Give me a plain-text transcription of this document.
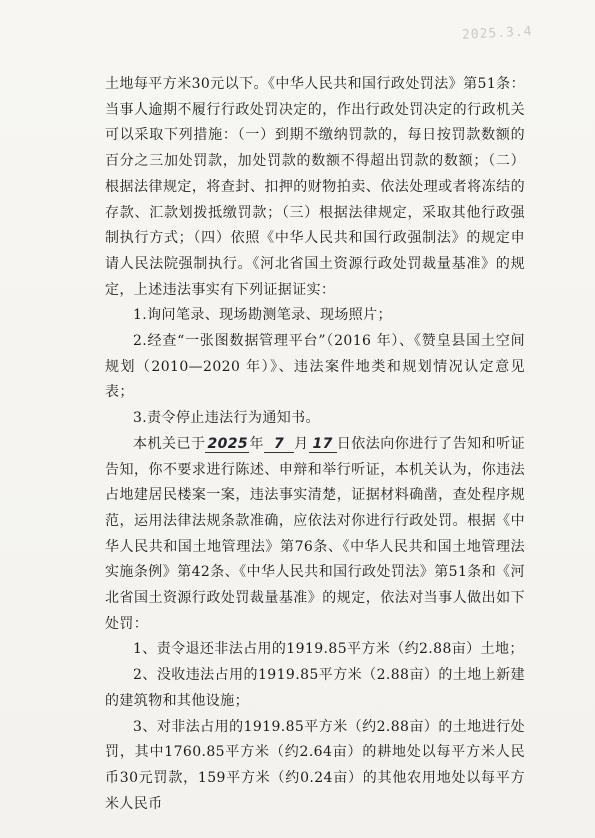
2025.3.4

土地每平方米30元以下。《中华人民共和国行政处罚法》第51条：当事人逾期不履行行政处罚决定的，作出行政处罚决定的行政机关可以采取下列措施：（一）到期不缴纳罚款的，每日按罚款数额的百分之三加处罚款，加处罚款的数额不得超出罚款的数额；（二）根据法律规定，将查封、扣押的财物拍卖、依法处理或者将冻结的存款、汇款划拨抵缴罚款；（三）根据法律规定，采取其他行政强制执行方式；（四）依照《中华人民共和国行政强制法》的规定申请人民法院强制执行。《河北省国土资源行政处罚裁量基准》的规定，上述违法事实有下列证据证实：

1.询问笔录、现场勘测笔录、现场照片；

2.经查“一张图数据管理平台”（2016 年）、《赞皇县国土空间规划（2010—2020 年）》、违法案件地类和规划情况认定意见表；

3.责令停止违法行为通知书。

本机关已于 2025年 7 月 17 日依法向你进行了告知和听证告知，你不要求进行陈述、申辩和举行听证，本机关认为，你违法占地建居民楼案一案，违法事实清楚，证据材料确凿，查处程序规范，运用法律法规条款准确，应依法对你进行行政处罚。根据《中华人民共和国土地管理法》第76条、《中华人民共和国土地管理法实施条例》第42条、《中华人民共和国行政处罚法》第51条和《河北省国土资源行政处罚裁量基准》的规定，依法对当事人做出如下处罚：

1、责令退还非法占用的1919.85平方米（约2.88亩）土地；

2、没收违法占用的1919.85平方米（2.88亩）的土地上新建的建筑物和其他设施；

3、对非法占用的1919.85平方米（约2.88亩）的土地进行处罚，其中1760.85平方米（约2.64亩）的耕地处以每平方米人民币30元罚款，159平方米（约0.24亩）的其他农用地处以每平方米人民币
